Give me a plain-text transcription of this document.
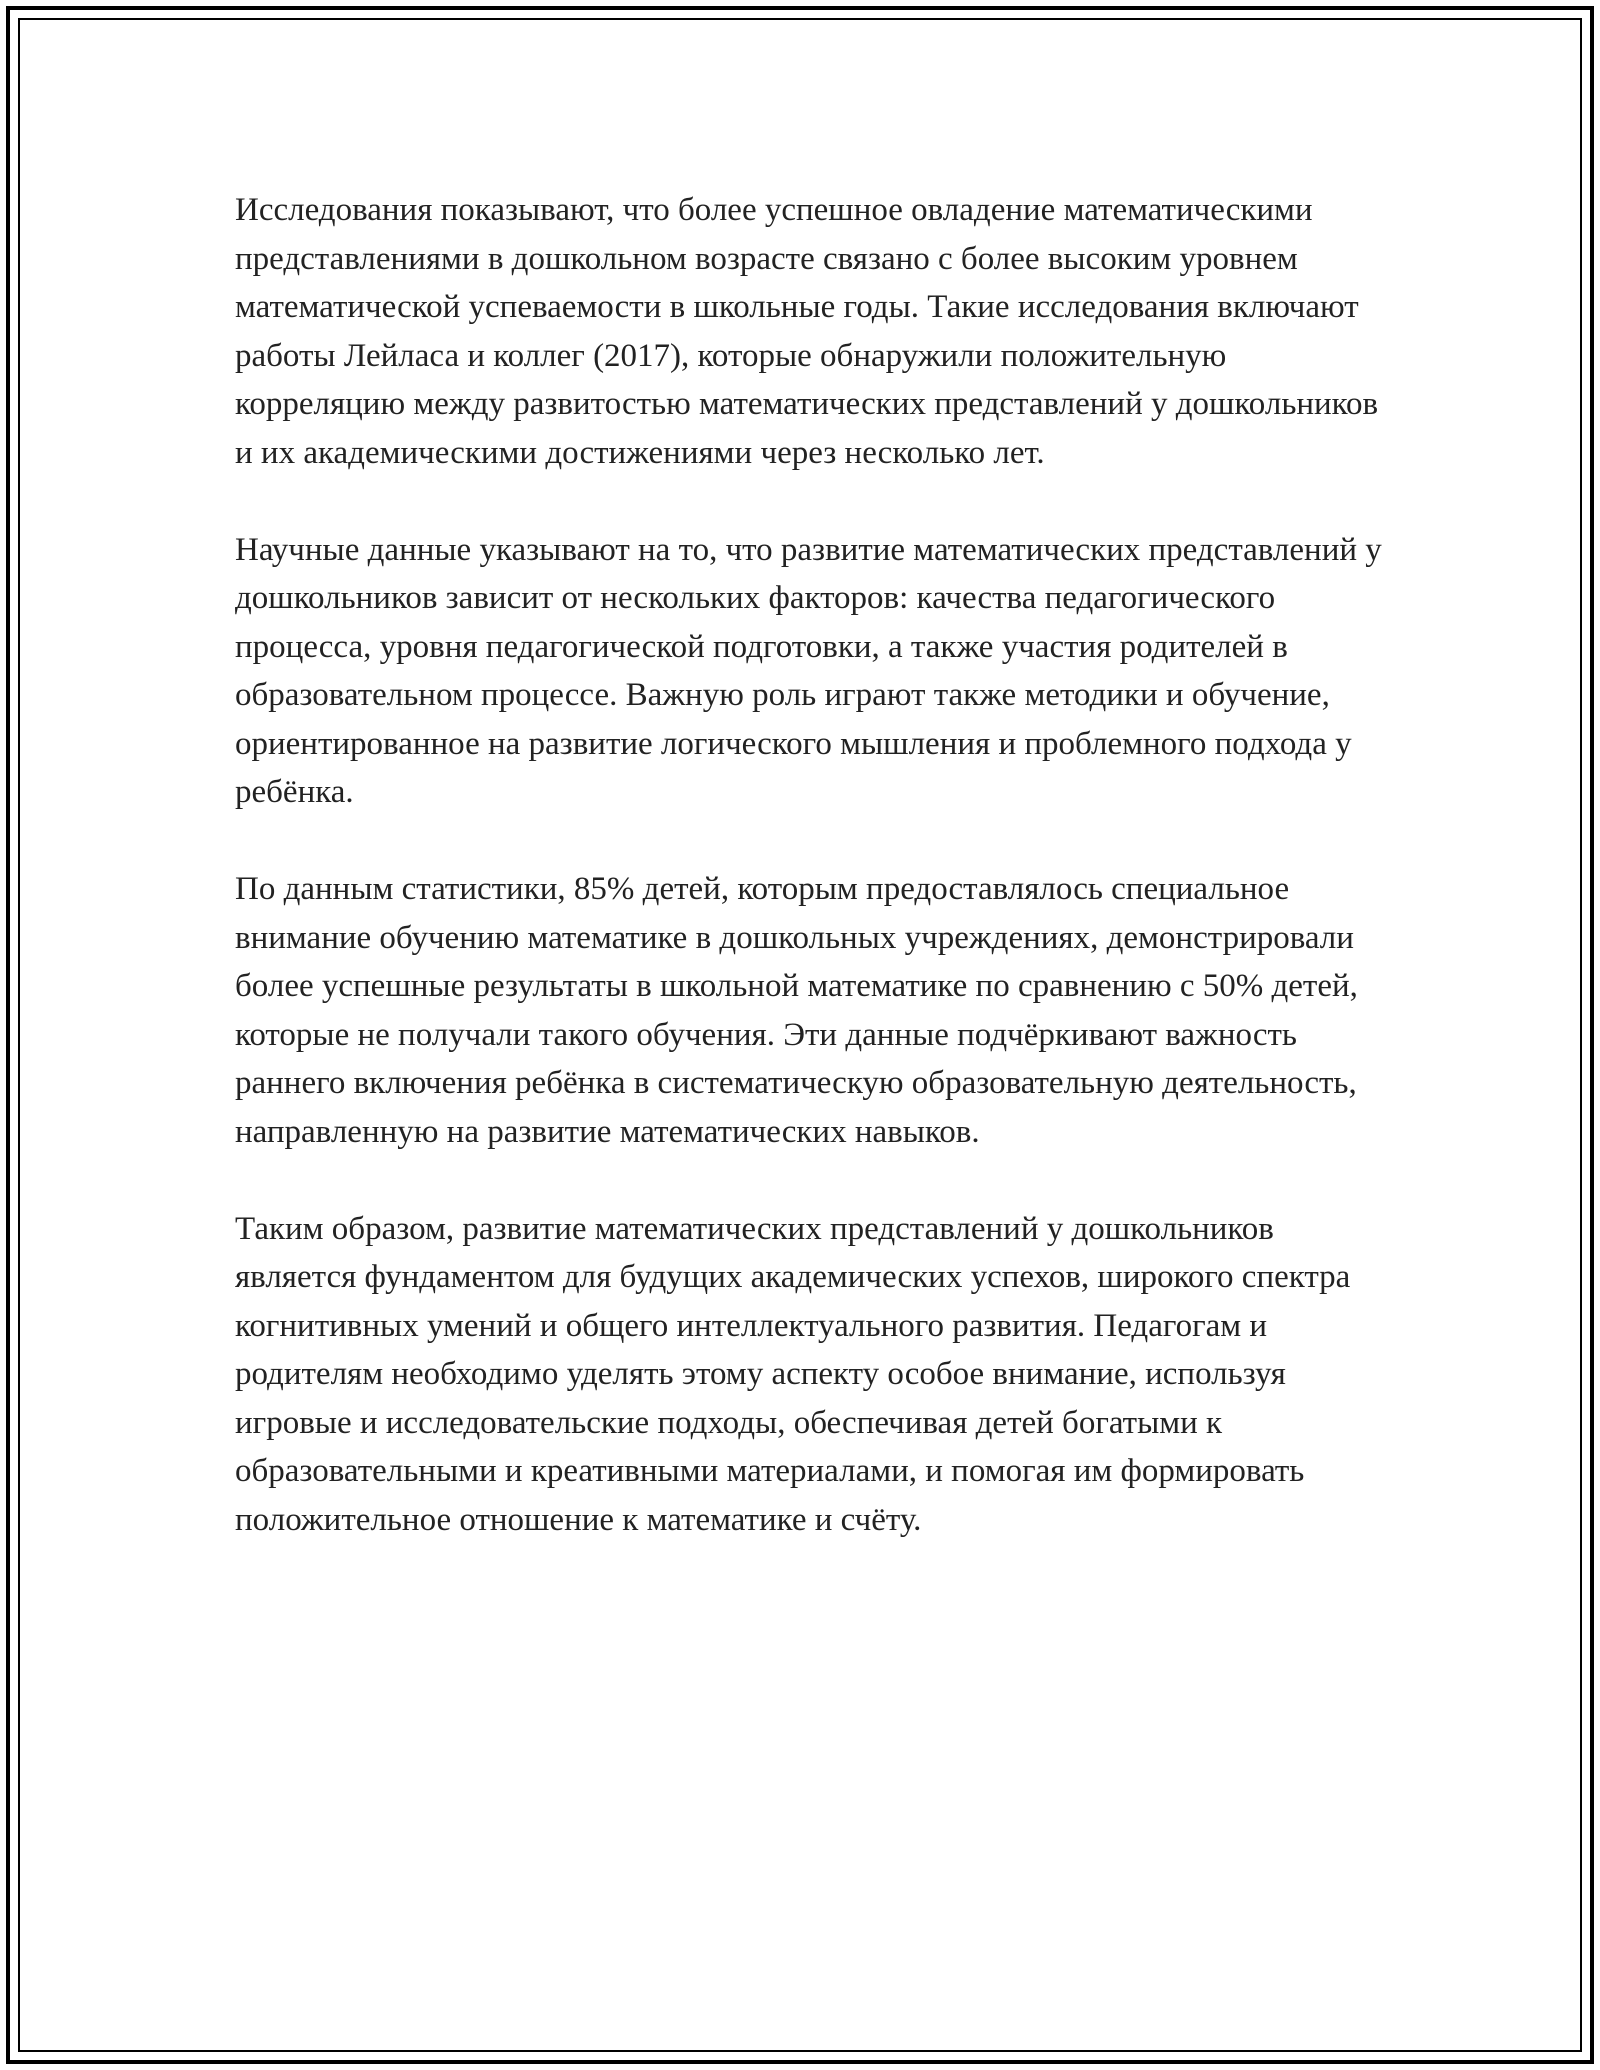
Исследования показывают, что более успешное овладение математическими представлениями в дошкольном возрасте связано с более высоким уровнем математической успеваемости в школьные годы. Такие исследования включают работы Лейласа и коллег (2017), которые обнаружили положительную корреляцию между развитостью математических представлений у дошкольников и их академическими достижениями через несколько лет.

Научные данные указывают на то, что развитие математических представлений у дошкольников зависит от нескольких факторов: качества педагогического процесса, уровня педагогической подготовки, а также участия родителей в образовательном процессе. Важную роль играют также методики и обучение, ориентированное на развитие логического мышления и проблемного подхода у ребёнка.

По данным статистики, 85% детей, которым предоставлялось специальное внимание обучению математике в дошкольных учреждениях, демонстрировали более успешные результаты в школьной математике по сравнению с 50% детей, которые не получали такого обучения. Эти данные подчёркивают важность раннего включения ребёнка в систематическую образовательную деятельность, направленную на развитие математических навыков.

Таким образом, развитие математических представлений у дошкольников является фундаментом для будущих академических успехов, широкого спектра когнитивных умений и общего интеллектуального развития. Педагогам и родителям необходимо уделять этому аспекту особое внимание, используя игровые и исследовательские подходы, обеспечивая детей богатыми к образовательными и креативными материалами, и помогая им формировать положительное отношение к математике и счёту.
